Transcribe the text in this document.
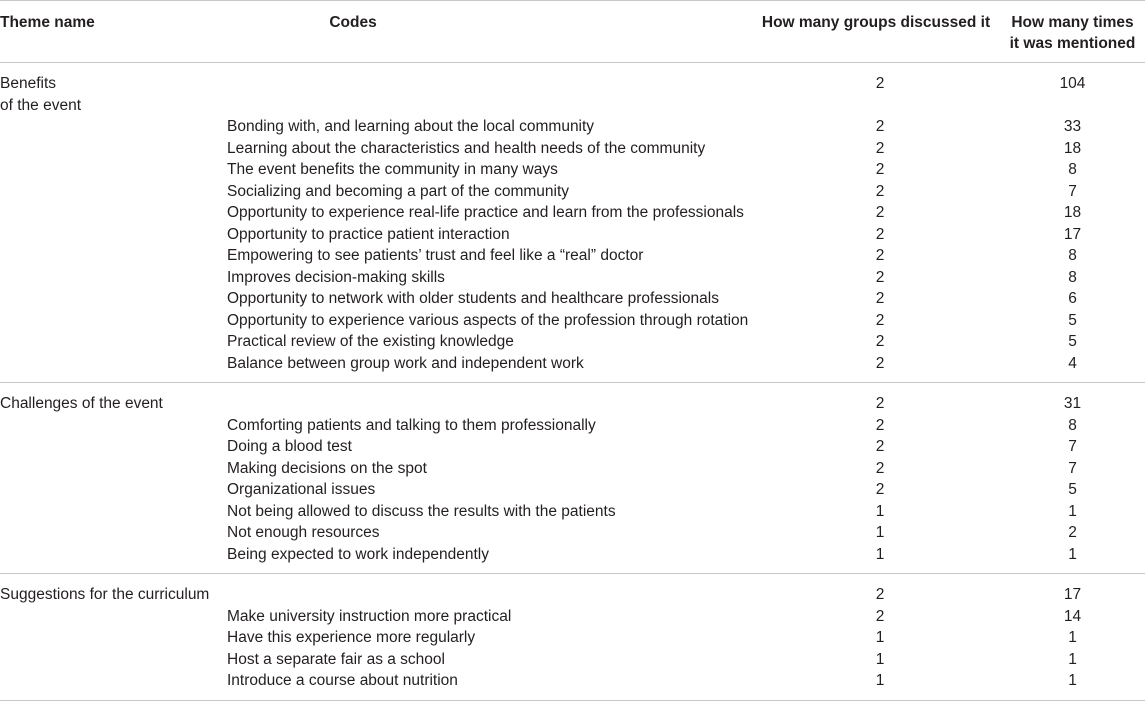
Theme name	Codes	How many groups discussed it	How many times
it was mentioned

Benefits
of the event		2	104
	Bonding with, and learning about the local community	2	33
	Learning about the characteristics and health needs of the community	2	18
	The event benefits the community in many ways	2	8
	Socializing and becoming a part of the community	2	7
	Opportunity to experience real-life practice and learn from the professionals	2	18
	Opportunity to practice patient interaction	2	17
	Empowering to see patients’ trust and feel like a “real” doctor	2	8
	Improves decision-making skills	2	8
	Opportunity to network with older students and healthcare professionals	2	6
	Opportunity to experience various aspects of the profession through rotation	2	5
	Practical review of the existing knowledge	2	5
	Balance between group work and independent work	2	4

Challenges of the event		2	31
	Comforting patients and talking to them professionally	2	8
	Doing a blood test	2	7
	Making decisions on the spot	2	7
	Organizational issues	2	5
	Not being allowed to discuss the results with the patients	1	1
	Not enough resources	1	2
	Being expected to work independently	1	1

Suggestions for the curriculum		2	17
	Make university instruction more practical	2	14
	Have this experience more regularly	1	1
	Host a separate fair as a school	1	1
	Introduce a course about nutrition	1	1
